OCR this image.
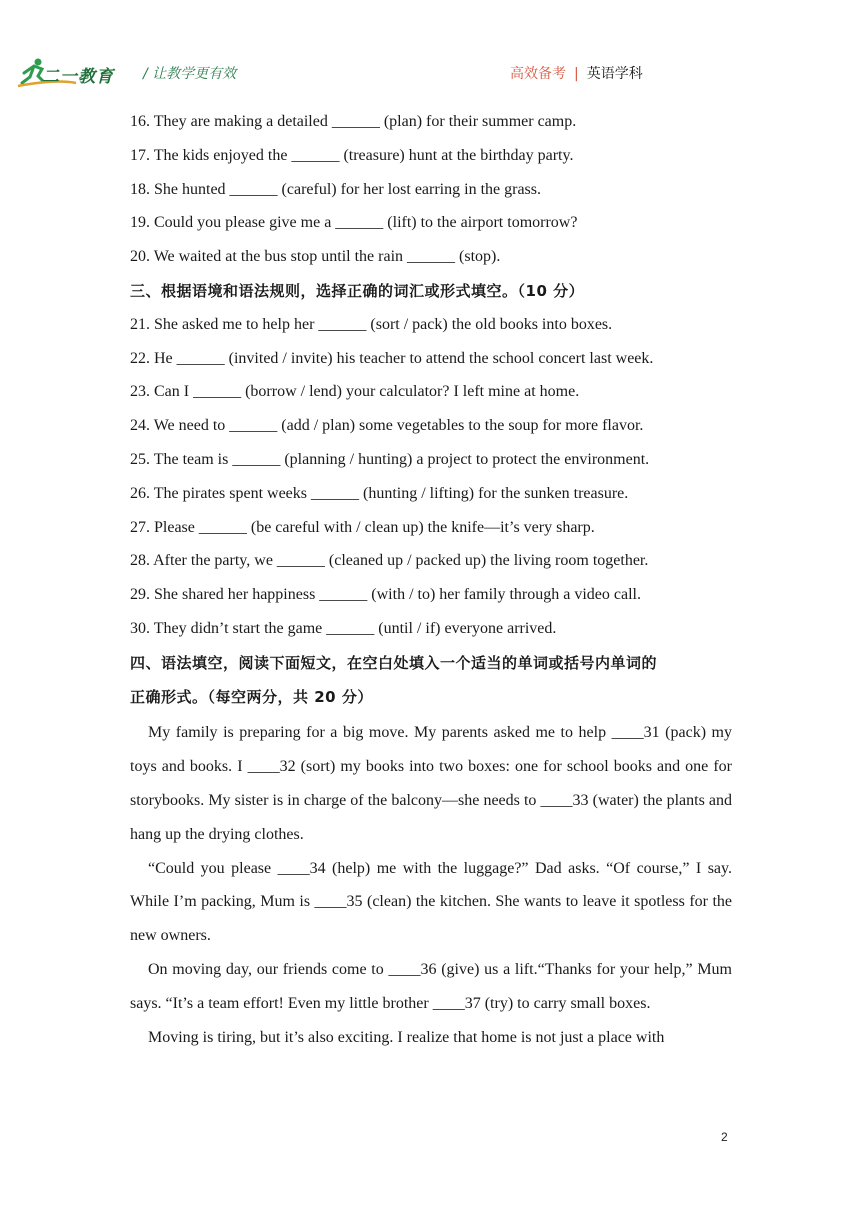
二一教育 / 让教学更有效	高效备考 | 英语学科
16. They are making a detailed ______ (plan) for their summer camp.
17. The kids enjoyed the ______ (treasure) hunt at the birthday party.
18. She hunted ______ (careful) for her lost earring in the grass.
19. Could you please give me a ______ (lift) to the airport tomorrow?
20. We waited at the bus stop until the rain ______ (stop).
三、根据语境和语法规则，选择正确的词汇或形式填空。（10 分）
21. She asked me to help her ______ (sort / pack) the old books into boxes.
22. He ______ (invited / invite) his teacher to attend the school concert last week.
23. Can I ______ (borrow / lend) your calculator? I left mine at home.
24. We need to ______ (add / plan) some vegetables to the soup for more flavor.
25. The team is ______ (planning / hunting) a project to protect the environment.
26. The pirates spent weeks ______ (hunting / lifting) for the sunken treasure.
27. Please ______ (be careful with / clean up) the knife—it’s very sharp.
28. After the party, we ______ (cleaned up / packed up) the living room together.
29. She shared her happiness ______ (with / to) her family through a video call.
30. They didn’t start the game ______ (until / if) everyone arrived.
四、语法填空，阅读下面短文，在空白处填入一个适当的单词或括号内单词的
正确形式。（每空两分，共 20 分）

My family is preparing for a big move. My parents asked me to help ____31 (pack) my toys and books. I ____32 (sort) my books into two boxes: one for school books and one for storybooks. My sister is in charge of the balcony—she needs to ____33 (water) the plants and hang up the drying clothes.

“Could you please ____34 (help) me with the luggage?” Dad asks. “Of course,” I say. While I’m packing, Mum is ____35 (clean) the kitchen. She wants to leave it spotless for the new owners.

On moving day, our friends come to ____36 (give) us a lift.“Thanks for your help,” Mum says. “It’s a team effort! Even my little brother ____37 (try) to carry small boxes.

Moving is tiring, but it’s also exciting. I realize that home is not just a place with

2
